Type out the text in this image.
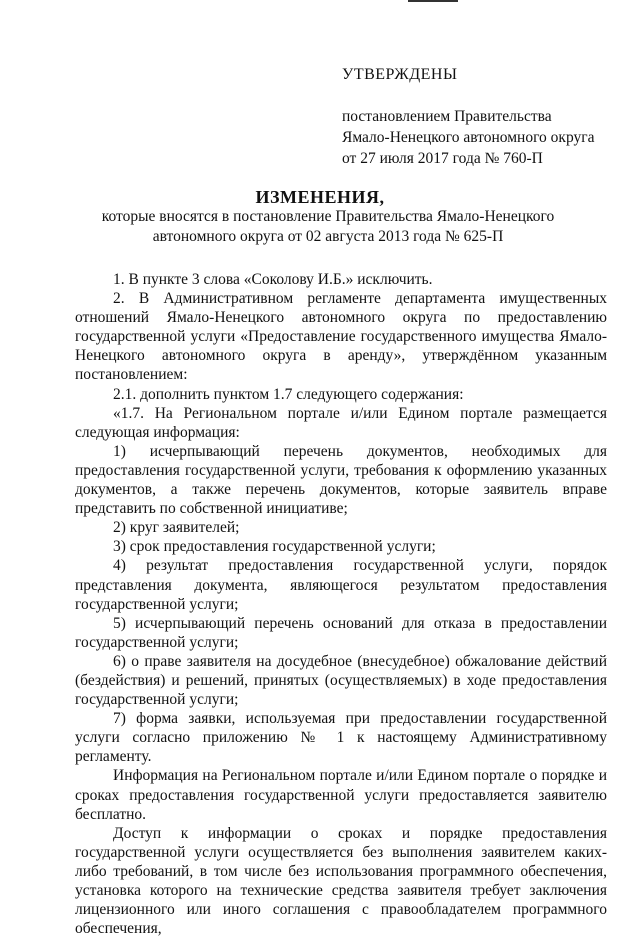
УТВЕРЖДЕНЫ
постановлением Правительства
Ямало-Ненецкого автономного округа
от 27 июля 2017 года № 760-П
ИЗМЕНЕНИЯ,
которые вносятся в постановление Правительства Ямало-Ненецкого автономного округа от 02 августа 2013 года № 625-П

1. В пункте 3 слова «Соколову И.Б.» исключить.

2. В Административном регламенте департамента имущественных отношений Ямало-Ненецкого автономного округа по предоставлению государственной услуги «Предоставление государственного имущества Ямало-Ненецкого автономного округа в аренду», утверждённом указанным постановлением:

2.1. дополнить пунктом 1.7 следующего содержания:

«1.7. На Региональном портале и/или Едином портале размещается следующая информация:

1) исчерпывающий перечень документов, необходимых для предоставления государственной услуги, требования к оформлению указанных документов, а также перечень документов, которые заявитель вправе представить по собственной инициативе;

2) круг заявителей;

3) срок предоставления государственной услуги;

4) результат предоставления государственной услуги, порядок представления документа, являющегося результатом предоставления государственной услуги;

5) исчерпывающий перечень оснований для отказа в предоставлении государственной услуги;

6) о праве заявителя на досудебное (внесудебное) обжалование действий (бездействия) и решений, принятых (осуществляемых) в ходе предоставления государственной услуги;

7) форма заявки, используемая при предоставлении государственной услуги согласно приложению № 1 к настоящему Административному регламенту.

Информация на Региональном портале и/или Едином портале о порядке и сроках предоставления государственной услуги предоставляется заявителю бесплатно.

Доступ к информации о сроках и порядке предоставления государственной услуги осуществляется без выполнения заявителем каких-либо требований, в том числе без использования программного обеспечения, установка которого на технические средства заявителя требует заключения лицензионного или иного соглашения с правообладателем программного обеспечения,
